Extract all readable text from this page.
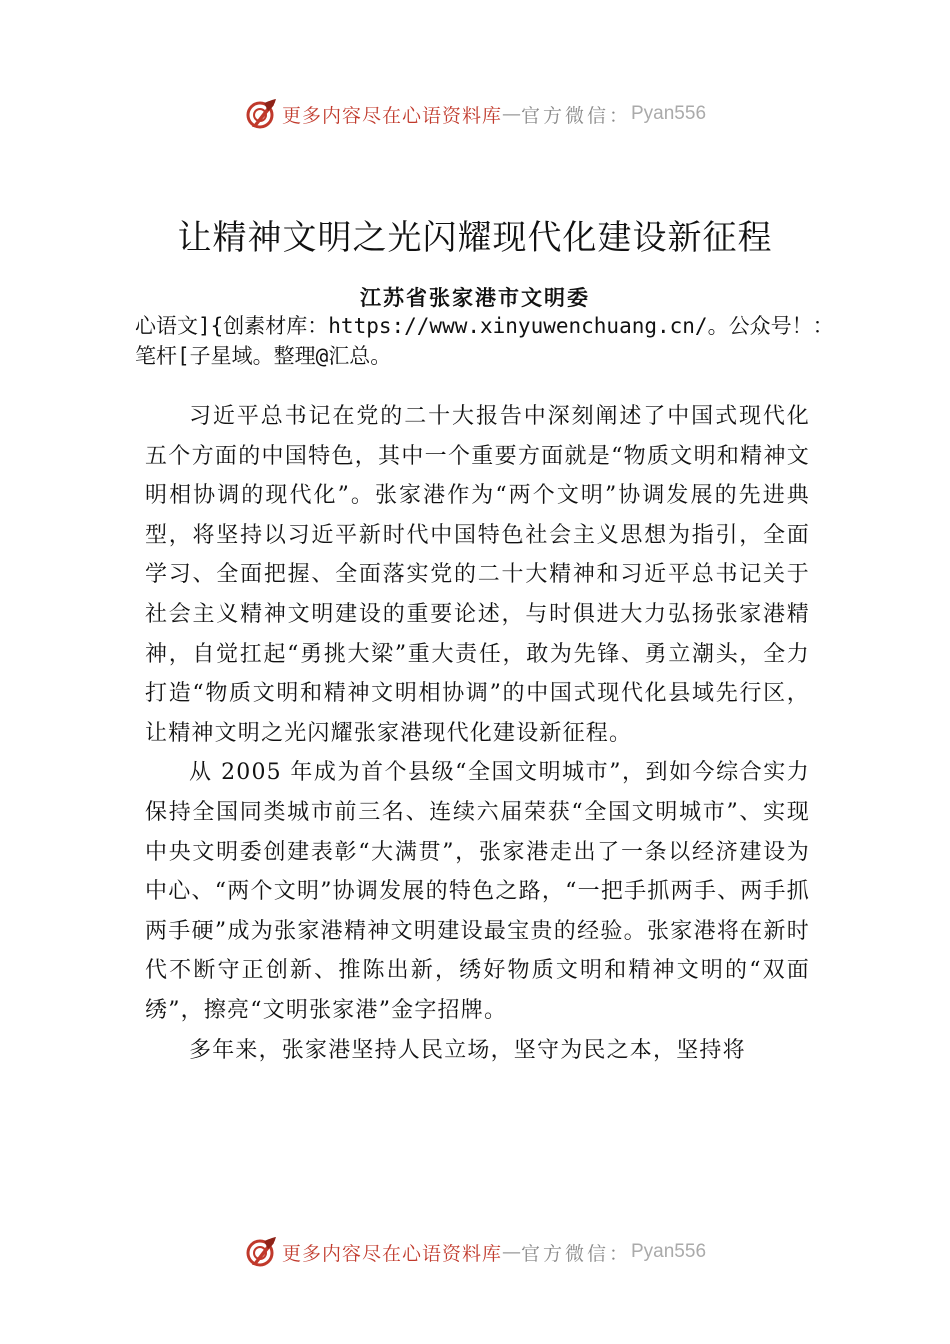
更多内容尽在心语资料库 — 官方微信： Pyan556
让精神文明之光闪耀现代化建设新征程
江苏省张家港市文明委
心语文]{创素材库：https://www.xinyuwenchuang.cn/。公众号！：笔杆[子星域。整理@汇总。

习近平总书记在党的二十大报告中深刻阐述了中国式现代化五个方面的中国特色，其中一个重要方面就是“物质文明和精神文明相协调的现代化”。张家港作为“两个文明”协调发展的先进典型，将坚持以习近平新时代中国特色社会主义思想为指引，全面学习、全面把握、全面落实党的二十大精神和习近平总书记关于社会主义精神文明建设的重要论述，与时俱进大力弘扬张家港精神，自觉扛起“勇挑大梁”重大责任，敢为先锋、勇立潮头，全力打造“物质文明和精神文明相协调”的中国式现代化县域先行区，让精神文明之光闪耀张家港现代化建设新征程。

从 2005 年成为首个县级“全国文明城市”，到如今综合实力保持全国同类城市前三名、连续六届荣获“全国文明城市”、实现中央文明委创建表彰“大满贯”，张家港走出了一条以经济建设为中心、“两个文明”协调发展的特色之路，“一把手抓两手、两手抓两手硬”成为张家港精神文明建设最宝贵的经验。张家港将在新时代不断守正创新、推陈出新，绣好物质文明和精神文明的“双面绣”，擦亮“文明张家港”金字招牌。

多年来，张家港坚持人民立场，坚守为民之本，坚持将

更多内容尽在心语资料库 — 官方微信： Pyan556
